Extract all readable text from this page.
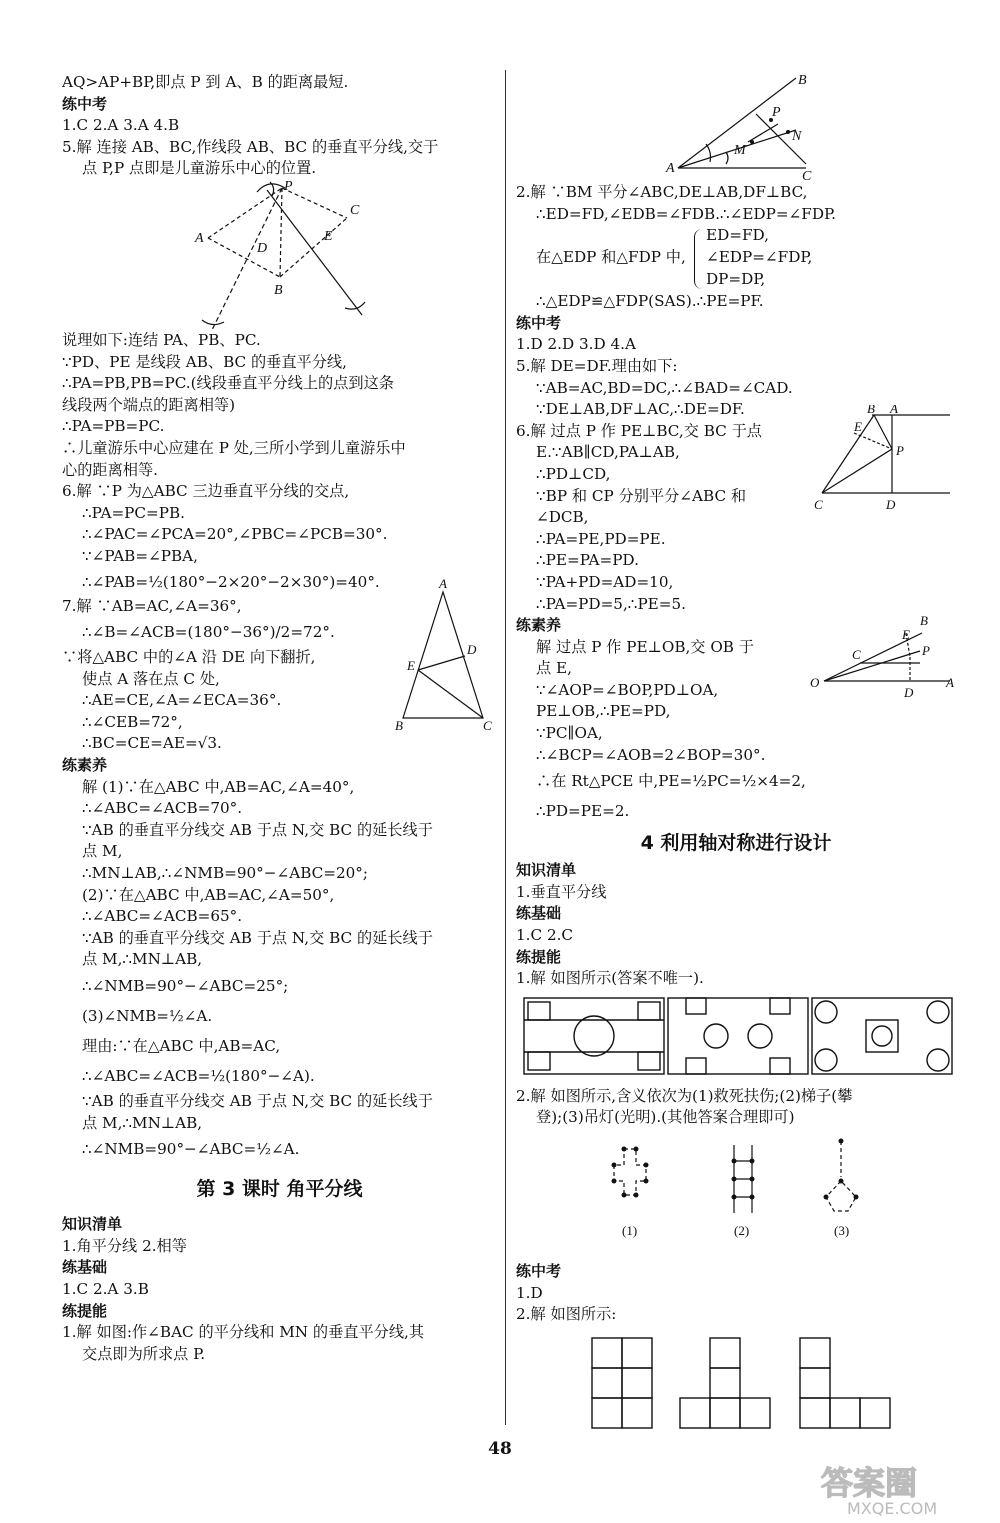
AQ>AP+BP,即点 P 到 A、B 的距离最短.
练中考
1.C 2.A 3.A 4.B
5.解 连接 AB、BC,作线段 AB、BC 的垂直平分线,交于
点 P,P 点即是儿童游乐中心的位置.
P
C
A
D
E
B
说理如下:连结 PA、PB、PC.
∵PD、PE 是线段 AB、BC 的垂直平分线,
∴PA=PB,PB=PC.(线段垂直平分线上的点到这条
线段两个端点的距离相等)
∴PA=PB=PC.
∴儿童游乐中心应建在 P 处,三所小学到儿童游乐中
心的距离相等.
6.解 ∵P 为△ABC 三边垂直平分线的交点,
∴PA=PC=PB.
∴∠PAC=∠PCA=20°,∠PBC=∠PCB=30°.
∵∠PAB=∠PBA,
∴∠PAB=½(180°−2×20°−2×30°)=40°.
7.解 ∵AB=AC,∠A=36°,
∴∠B=∠ACB=(180°−36°)/2=72°.
∵将△ABC 中的∠A 沿 DE 向下翻折,
使点 A 落在点 C 处,
∴AE=CE,∠A=∠ECA=36°.
∴∠CEB=72°,
∴BC=CE=AE=√3.
A
B	C
D
E
练素养
解 (1)∵在△ABC 中,AB=AC,∠A=40°,
∴∠ABC=∠ACB=70°.
∵AB 的垂直平分线交 AB 于点 N,交 BC 的延长线于
点 M,
∴MN⊥AB,∴∠NMB=90°−∠ABC=20°;
(2)∵在△ABC 中,AB=AC,∠A=50°,
∴∠ABC=∠ACB=65°.
∵AB 的垂直平分线交 AB 于点 N,交 BC 的延长线于
点 M,∴MN⊥AB,
∴∠NMB=90°−∠ABC=25°;
(3)∠NMB=½∠A.
理由:∵在△ABC 中,AB=AC,
∴∠ABC=∠ACB=½(180°−∠A).
∵AB 的垂直平分线交 AB 于点 N,交 BC 的延长线于
点 M,∴MN⊥AB,
∴∠NMB=90°−∠ABC=½∠A.
第 3 课时 角平分线
知识清单
1.角平分线 2.相等
练基础
1.C 2.A 3.B
练提能
1.解 如图:作∠BAC 的平分线和 MN 的垂直平分线,其
交点即为所求点 P.
B
P
M
N
A
C
2.解 ∵BM 平分∠ABC,DE⊥AB,DF⊥BC,
∴ED=FD,∠EDB=∠FDB.∴∠EDP=∠FDP.
在△EDP 和△FDP 中,
ED=FD,
∠EDP=∠FDP,
DP=DP,
∴△EDP≌△FDP(SAS).∴PE=PF.
练中考
1.D 2.D 3.D 4.A
5.解 DE=DF.理由如下:
∵AB=AC,BD=DC,∴∠BAD=∠CAD.
∵DE⊥AB,DF⊥AC,∴DE=DF.
6.解 过点 P 作 PE⊥BC,交 BC 于点
E.∵AB∥CD,PA⊥AB,
∴PD⊥CD,
∵BP 和 CP 分别平分∠ABC 和
∠DCB,
∴PA=PE,PD=PE.
∴PE=PA=PD.
∵PA+PD=AD=10,
∴PA=PD=5,∴PE=5.
B A
E
P
C	D
练素养
解 过点 P 作 PE⊥OB,交 OB 于
点 E,
∵∠AOP=∠BOP,PD⊥OA,
PE⊥OB,∴PE=PD,
∵PC∥OA,
∴∠BCP=∠AOB=2∠BOP=30°.
∴在 Rt△PCE 中,PE=½PC=½×4=2,
∴PD=PE=2.
B
E
C	P
O
D
A
4 利用轴对称进行设计
知识清单
1.垂直平分线
练基础
1.C 2.C
练提能
1.解 如图所示(答案不唯一).
2.解 如图所示,含义依次为(1)救死扶伤;(2)梯子(攀
登);(3)吊灯(光明).(其他答案合理即可)
(1)	(2)	(3)
练中考
1.D
2.解 如图所示:
48
答案圈
MXQE.COM
